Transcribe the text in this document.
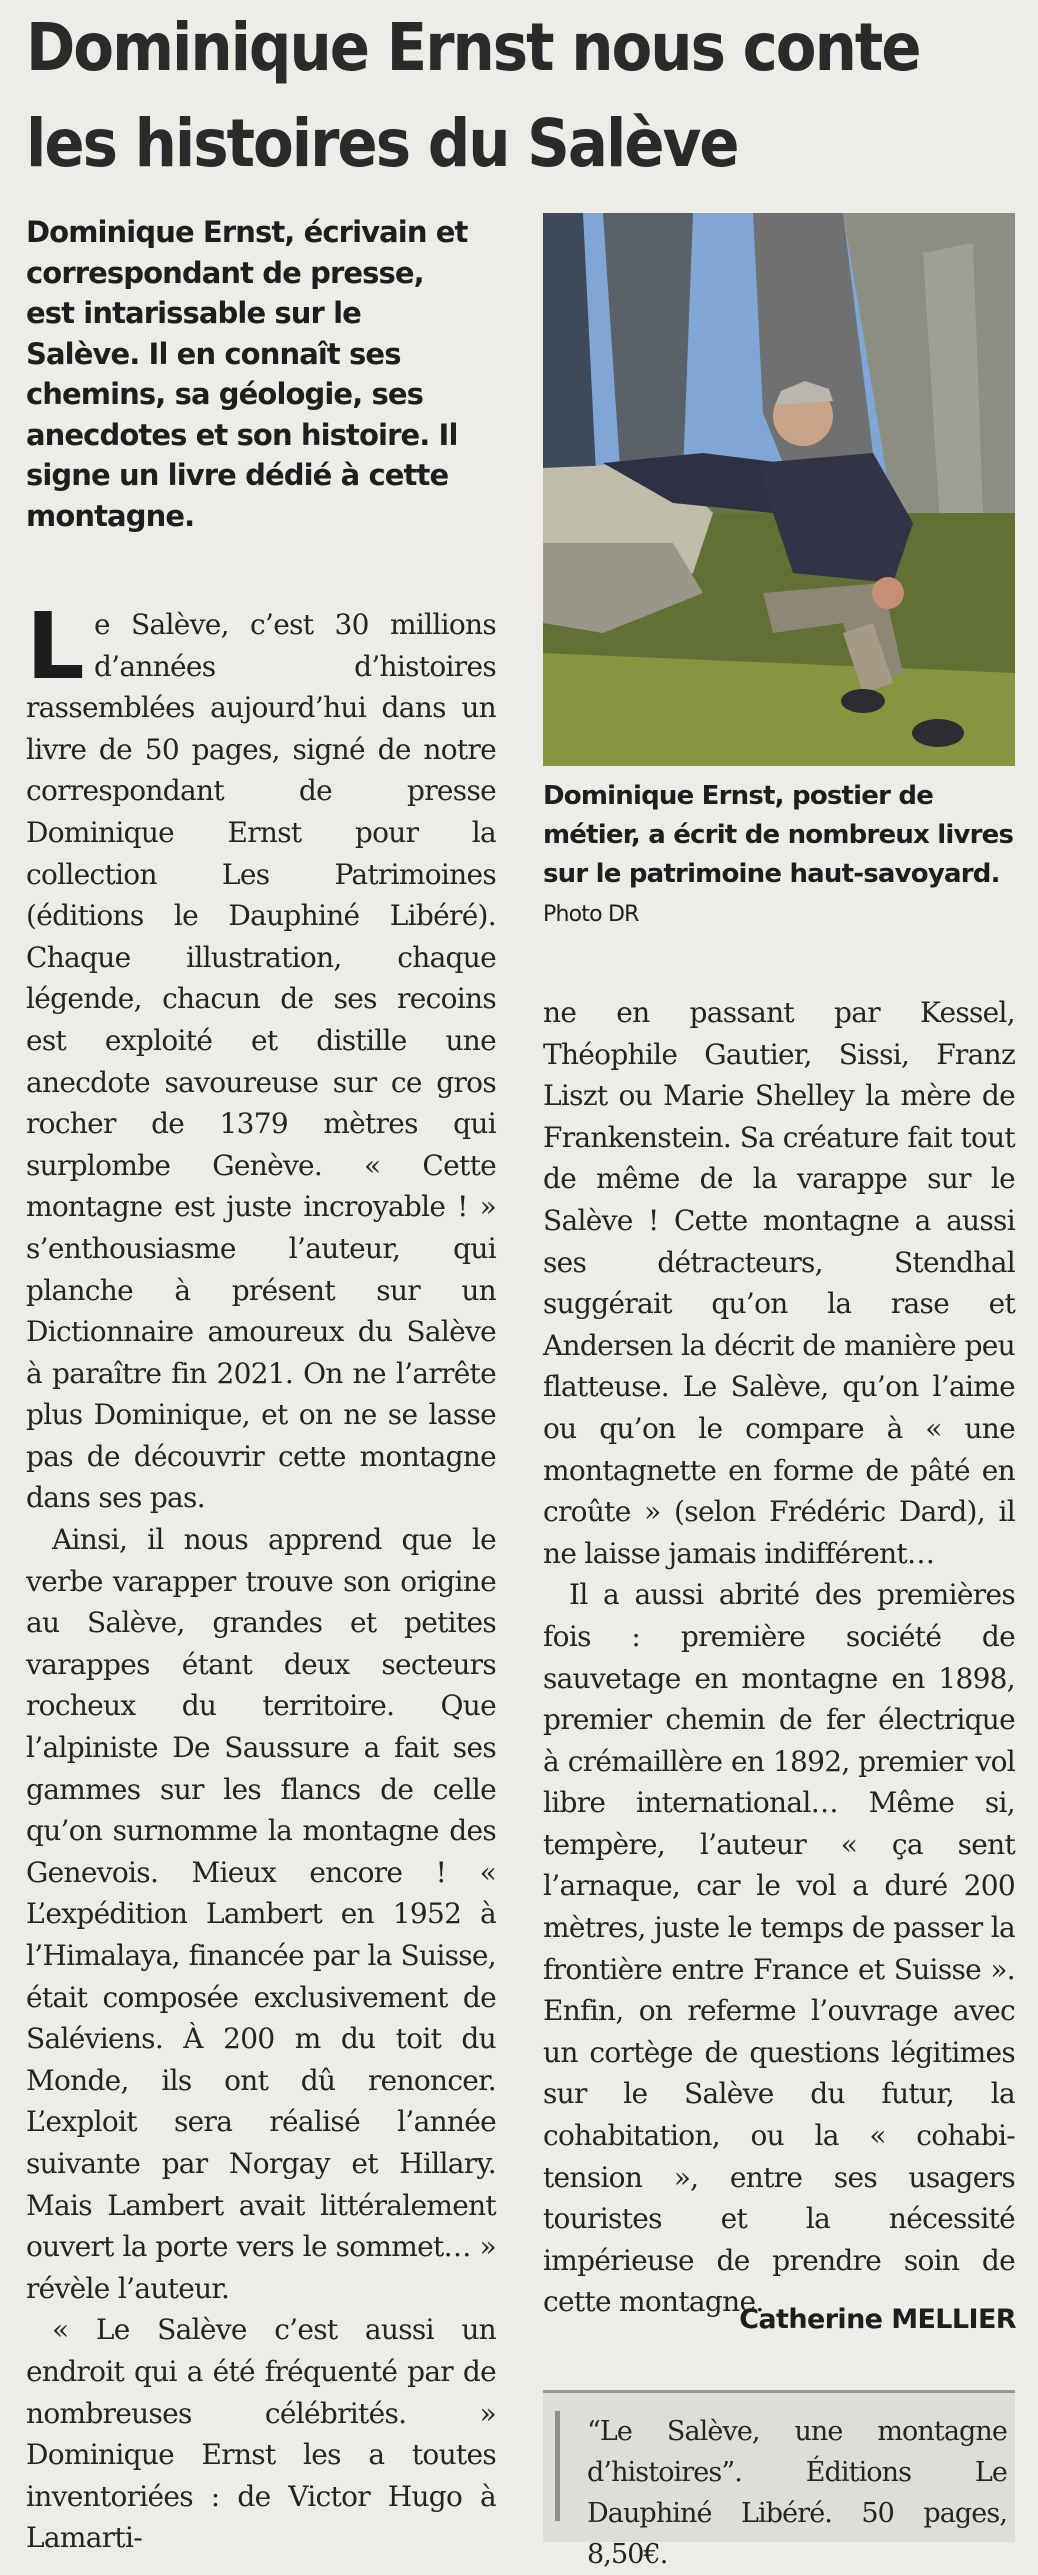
Dominique Ernst nous conte les histoires du Salève

Dominique Ernst, écrivain et correspondant de presse, est intarissable sur le Salève. Il en connaît ses chemins, sa géologie, ses anecdotes et son histoire. Il signe un livre dédié à cette montagne.

Dominique Ernst, postier de métier, a écrit de nombreux livres sur le patrimoine haut-savoyard. Photo DR

Le Salève, c’est 30 millions d’années d’histoires rassemblées aujourd’hui dans un livre de 50 pages, signé de notre correspondant de presse Dominique Ernst pour la collection Les Patrimoines (éditions le Dauphiné Libéré). Chaque illustration, chaque légende, chacun de ses recoins est exploité et distille une anecdote savoureuse sur ce gros rocher de 1379 mètres qui surplombe Genève. « Cette montagne est juste incroyable ! » s’enthousiasme l’auteur, qui planche à présent sur un Dictionnaire amoureux du Salève à paraître fin 2021. On ne l’arrête plus Dominique, et on ne se lasse pas de découvrir cette montagne dans ses pas.

Ainsi, il nous apprend que le verbe varapper trouve son origine au Salève, grandes et petites varappes étant deux secteurs rocheux du territoire. Que l’alpiniste De Saussure a fait ses gammes sur les flancs de celle qu’on surnomme la montagne des Genevois. Mieux encore ! « L’expédition Lambert en 1952 à l’Himalaya, financée par la Suisse, était composée exclusivement de Saléviens. À 200 m du toit du Monde, ils ont dû renoncer. L’exploit sera réalisé l’année suivante par Norgay et Hillary. Mais Lambert avait littéralement ouvert la porte vers le sommet… » révèle l’auteur.

« Le Salève c’est aussi un endroit qui a été fréquenté par de nombreuses célébrités. » Dominique Ernst les a toutes inventoriées : de Victor Hugo à Lamarti-

ne en passant par Kessel, Théophile Gautier, Sissi, Franz Liszt ou Marie Shelley la mère de Frankenstein. Sa créature fait tout de même de la varappe sur le Salève ! Cette montagne a aussi ses détracteurs, Stendhal suggérait qu’on la rase et Andersen la décrit de manière peu flatteuse. Le Salève, qu’on l’aime ou qu’on le compare à « une montagnette en forme de pâté en croûte » (selon Frédéric Dard), il ne laisse jamais indifférent…

Il a aussi abrité des premières fois : première société de sauvetage en montagne en 1898, premier chemin de fer électrique à crémaillère en 1892, premier vol libre international… Même si, tempère, l’auteur « ça sent l’arnaque, car le vol a duré 200 mètres, juste le temps de passer la frontière entre France et Suisse ». Enfin, on referme l’ouvrage avec un cortège de questions légitimes sur le Salève du futur, la cohabitation, ou la « cohabi-tension », entre ses usagers touristes et la nécessité impérieuse de prendre soin de cette montagne.

Catherine MELLIER

“Le Salève, une montagne d’histoires”. Éditions Le Dauphiné Libéré. 50 pages, 8,50€.
